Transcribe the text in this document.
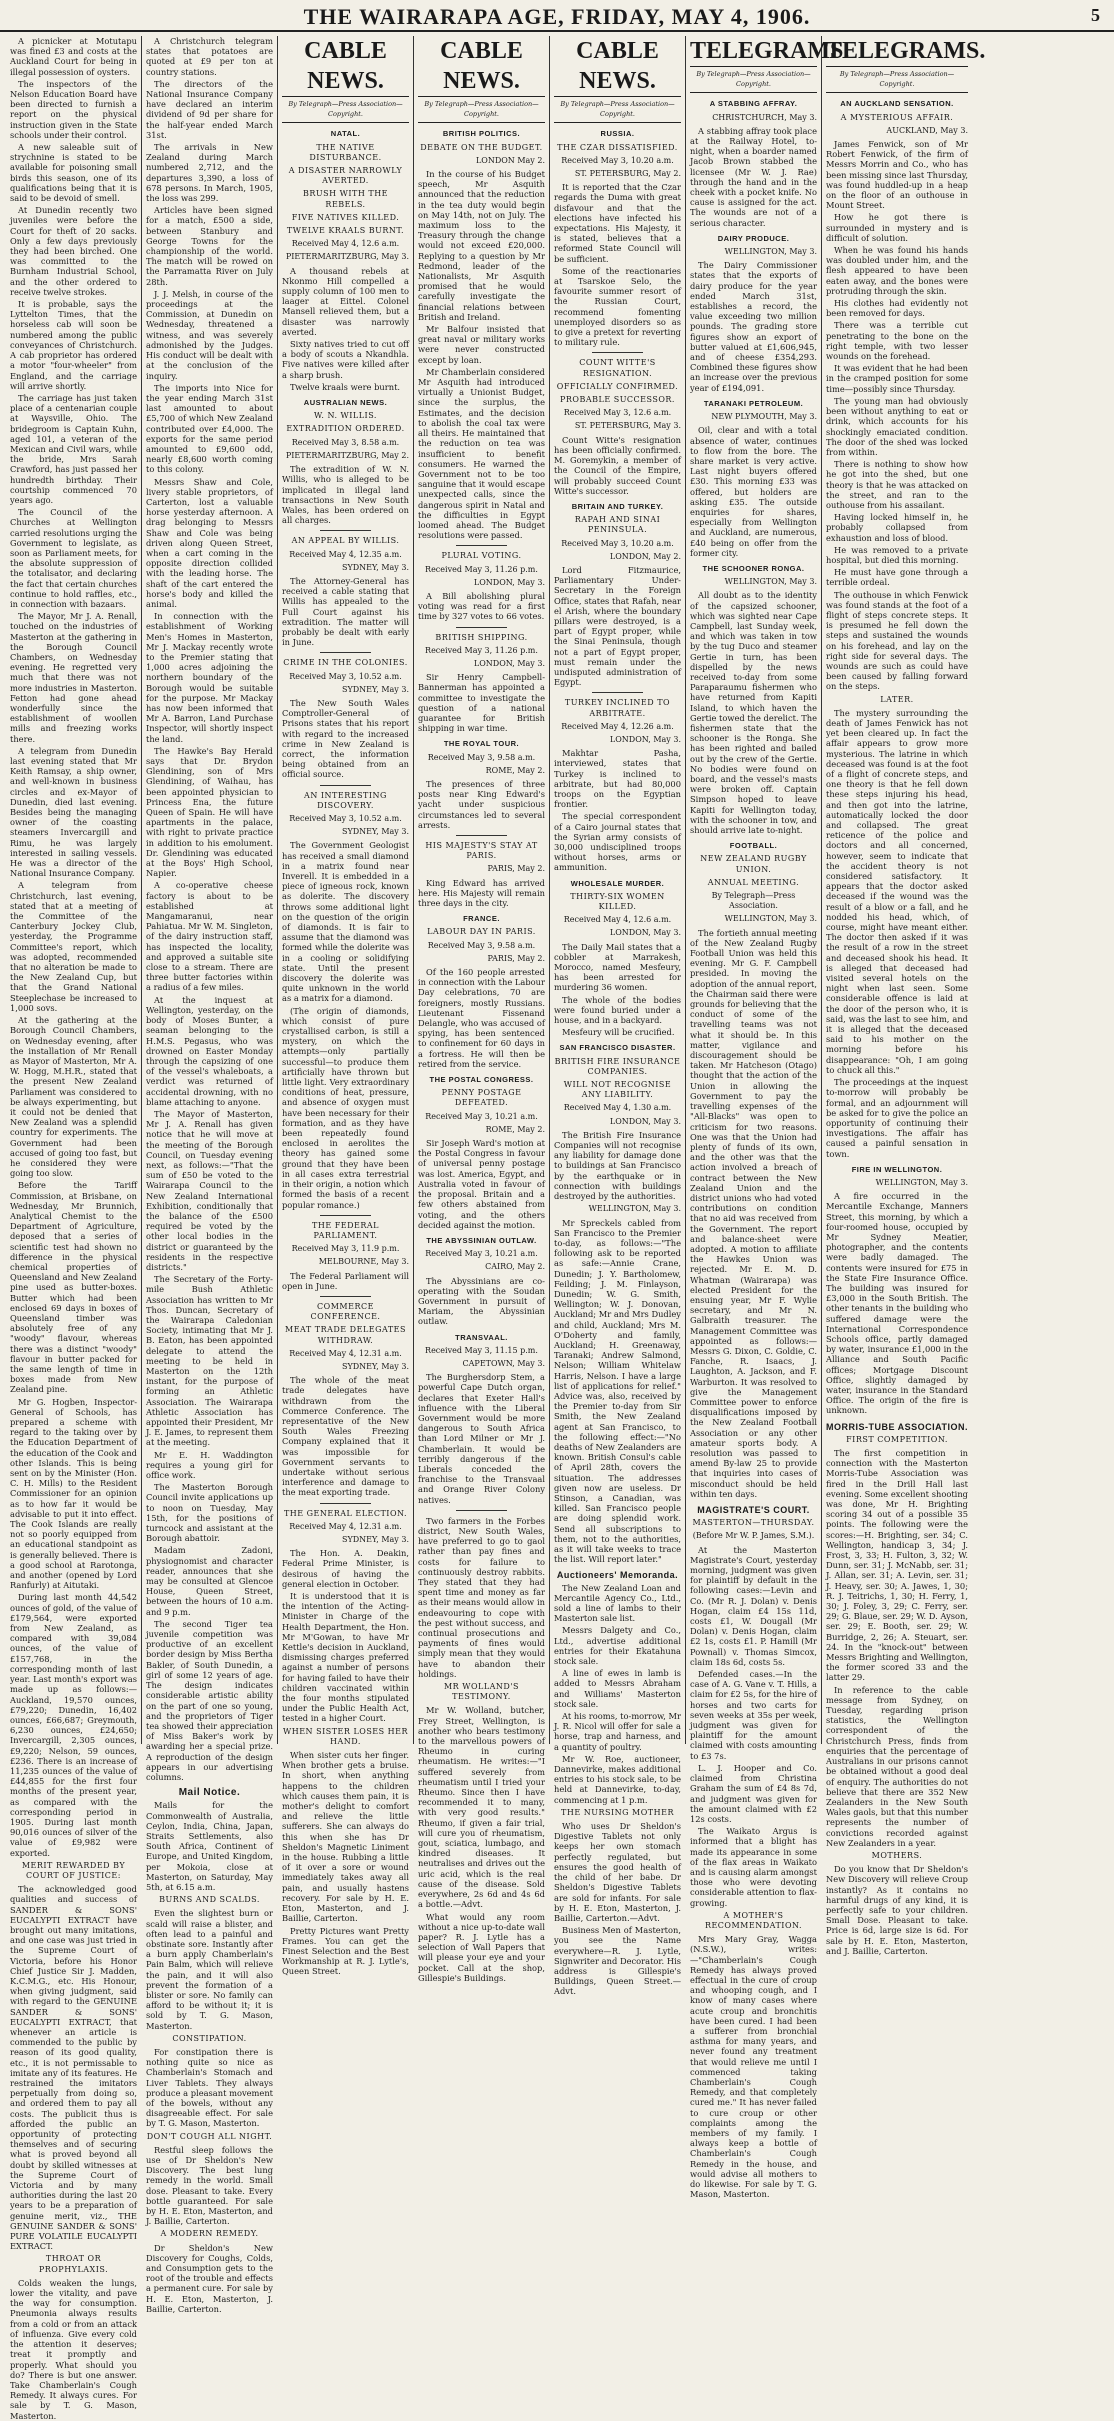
THE WAIRARAPA AGE, FRIDAY, MAY 4, 1906.	5

A picnicker at Motutapu was fined £3 and costs at the Auckland Court for being in illegal possession of oysters.

The inspectors of the Nelson Education Board have been directed to furnish a report on the physical instruction given in the State schools under their control.

A new saleable suit of strychnine is stated to be available for poisoning small birds this season, one of its qualifications being that it is said to be devoid of smell.

At Dunedin recently two juveniles were before the Court for theft of 20 sacks. Only a few days previously they had been birched. One was committed to the Burnham Industrial School, and the other ordered to receive twelve strokes.

It is probable, says the Lyttelton Times, that the horseless cab will soon be numbered among the public conveyances of Christchurch. A cab proprietor has ordered a motor "four-wheeler" from England, and the carriage will arrive shortly.

The carriage has just taken place of a centenarian couple at Waysville, Ohio. The bridegroom is Captain Kuhn, aged 101, a veteran of the Mexican and Civil wars, while the bride, Mrs Sarah Crawford, has just passed her hundredth birthday. Their courtship commenced 70 years ago.

The Council of the Churches at Wellington carried resolutions urging the Government to legislate, as soon as Parliament meets, for the absolute suppression of the totalisator, and declaring the fact that certain churches continue to hold raffles, etc., in connection with bazaars.

The Mayor, Mr J. A. Renall, touched on the industries of Masterton at the gathering in the Borough Council Chambers, on Wednesday evening. He regretted very much that there was not more industries in Masterton. Fetton had gone ahead wonderfully since the establishment of woollen mills and freezing works there.

A telegram from Dunedin last evening stated that Mr Keith Ramsay, a ship owner, and well-known in business circles and ex-Mayor of Dunedin, died last evening. Besides being the managing owner of the coasting steamers Invercargill and Rimu, he was largely interested in sailing vessels. He was a director of the National Insurance Company.

A telegram from Christchurch, last evening, stated that at a meeting of the Committee of the Canterbury Jockey Club, yesterday, the Programme Committee's report, which was adopted, recommended that no alteration be made to the New Zealand Cup, but that the Grand National Steeplechase be increased to 1,000 sovs.

At the gathering at the Borough Council Chambers, on Wednesday evening, after the installation of Mr Renall as Mayor of Masterton, Mr A. W. Hogg, M.H.R., stated that the present New Zealand Parliament was considered to be always experimenting, but it could not be denied that New Zealand was a splendid country for experiments. The Government had been accused of going too fast, but he considered they were going too slow.

Before the Tariff Commission, at Brisbane, on Wednesday, Mr Brunnich, Analytical Chemist to the Department of Agriculture, deposed that a series of scientific test had shown no difference in the physical chemical properties of Queensland and New Zealand pine used as butter-boxes. Butter which had been enclosed 69 days in boxes of Queensland timber was absolutely free of any "woody" flavour, whereas there was a distinct "woody" flavour in butter packed for the same length of time in boxes made from New Zealand pine.

Mr G. Hogben, Inspector-General of Schools, has prepared a scheme with regard to the taking over by the Education Department of the education of the Cook and other Islands. This is being sent on by the Minister (Hon. C. H. Mills) to the Resident Commissioner for an opinion as to how far it would be advisable to put it into effect. The Cook Islands are really not so poorly equipped from an educational standpoint as is generally believed. There is a good school at Rarotonga, and another (opened by Lord Ranfurly) at Aitutaki.

During last month 44,542 ounces of gold, of the value of £179,564, were exported from New Zealand, as compared with 39,084 ounces, of the value of £157,768, in the corresponding month of last year. Last month's export was made up as follows:—Auckland, 19,570 ounces, £79,220; Dunedin, 16,402 ounces, £66,687; Greymouth, 6,230 ounces, £24,650; Invercargill, 2,305 ounces, £9,220; Nelson, 59 ounces, £236. There is an increase of 11,235 ounces of the value of £44,855 for the first four months of the present year, as compared with the corresponding period in 1905. During last month 90,016 ounces of silver of the value of £9,982 were exported.

MERIT REWARDED BY COURT OF JUSTICE:

The acknowledged good qualities and success of SANDER & SONS' EUCALYPTI EXTRACT have brought out many imitations, and one case was just tried in the Supreme Court of Victoria, before his Honor Chief Justice Sir J. Madden, K.C.M.G., etc. His Honour, when giving judgment, said with regard to the GENUINE SANDER & SONS' EUCALYPTI EXTRACT, that whenever an article is commended to the public by reason of its good quality, etc., it is not permissable to imitate any of its features. He restrained the imitators perpetually from doing so, and ordered them to pay all costs. The publicit thus is afforded the public an opportunity of protecting themselves and of securing what is proved beyond all doubt by skilled witnesses at the Supreme Court of Victoria and by many authorities during the last 20 years to be a preparation of genuine merit, viz., THE GENUINE SANDER & SONS' PURE VOLATILE EUCALYPTI EXTRACT.

THROAT OR PROPHYLAXIS.

Colds weaken the lungs, lower the vitality, and pave the way for consumption. Pneumonia always results from a cold or from an attack of influenza. Give every cold the attention it deserves; treat it promptly and properly. What should you do? There is but one answer. Take Chamberlain's Cough Remedy. It always cures. For sale by T. G. Mason, Masterton.

A Christchurch telegram states that potatoes are quoted at £9 per ton at country stations.

The directors of the National Insurance Company have declared an interim dividend of 9d per share for the half-year ended March 31st.

The arrivals in New Zealand during March numbered 2,712, and the departures 3,390, a loss of 678 persons. In March, 1905, the loss was 299.

Articles have been signed for a match, £500 a side, between Stanbury and George Towns for the championship of the world. The match will be rowed on the Parramatta River on July 28th.

J. J. Melsh, in course of the proceedings at the Commission, at Dunedin on Wednesday, threatened a witness, and was severely admonished by the Judges. His conduct will be dealt with at the conclusion of the inquiry.

The imports into Nice for the year ending March 31st last amounted to about £5,700 of which New Zealand contributed over £4,000. The exports for the same period amounted to £9,600 odd, nearly £8,600 worth coming to this colony.

Messrs Shaw and Cole, livery stable proprietors, of Carterton, lost a valuable horse yesterday afternoon. A drag belonging to Messrs Shaw and Cole was being driven along Queen Street, when a cart coming in the opposite direction collided with the leading horse. The shaft of the cart entered the horse's body and killed the animal.

In connection with the establishment of Working Men's Homes in Masterton, Mr J. Mackay recently wrote to the Premier stating that 1,000 acres adjoining the northern boundary of the Borough would be suitable for the purpose. Mr Mackay has now been informed that Mr A. Barron, Land Purchase Inspector, will shortly inspect the land.

The Hawke's Bay Herald says that Dr. Brydon Glendining, son of Mrs Glendining, of Waihau, has been appointed physician to Princess Ena, the future Queen of Spain. He will have apartments in the palace, with right to private practice in addition to his emolument. Dr. Glendining was educated at the Boys' High School, Napier.

A co-operative cheese factory is about to be established at Mangamaranui, near Pahiatua. Mr W. M. Singleton, of the dairy instruction staff, has inspected the locality, and approved a suitable site close to a stream. There are three butter factories within a radius of a few miles.

At the inquest at Wellington, yesterday, on the body of Moses Bunter, a seaman belonging to the H.M.S. Pegasus, who was drowned on Easter Monday through the capsizing of one of the vessel's whaleboats, a verdict was returned of accidental drowning, with no blame attaching to anyone.

The Mayor of Masterton, Mr J. A. Renall has given notice that he will move at the meeting of the Borough Council, on Tuesday evening next, as follows:—"That the sum of £50 be voted to the Wairarapa Council to the New Zealand International Exhibition, conditionally that the balance of the £500 required be voted by the other local bodies in the district or guaranteed by the residents in the respective districts."

The Secretary of the Forty-mile Bush Athletic Association has written to Mr Thos. Duncan, Secretary of the Wairarapa Caledonian Society, intimating that Mr J. B. Eaton, has been appointed delegate to attend the meeting to be held in Masterton on the 12th instant, for the purpose of forming an Athletic Association. The Wairarapa Athletic Association has appointed their President, Mr J. E. James, to represent them at the meeting.

Mr E. H. Waddington requires a young girl for office work.

The Masterton Borough Council invite applications up to noon on Tuesday, May 15th, for the positions of turncock and assistant at the Borough abattoir.

Madam Zadoni, physiognomist and character reader, announces that she may be consulted at Glencoe House, Queen Street, between the hours of 10 a.m. and 9 p.m.

The second Tiger tea juvenile competition was productive of an excellent border design by Miss Bertha Bakler, of South Dunedin, a girl of some 12 years of age. The design indicates considerable artistic ability on the part of one so young, and the proprietors of Tiger tea showed their appreciation of Miss Baker's work by awarding her a special prize. A reproduction of the design appears in our advertising columns.

Mail Notice.

Mails for the Commonwealth of Australia, Ceylon, India, China, Japan, Straits Settlements, also South Africa, Continent of Europe, and United Kingdom, per Mokoia, close at Masterton, on Saturday, May 5th, at 6.15 a.m.

BURNS AND SCALDS.

Even the slightest burn or scald will raise a blister, and often lead to a painful and obstinate sore. Instantly after a burn apply Chamberlain's Pain Balm, which will relieve the pain, and it will also prevent the formation of a blister or sore. No family can afford to be without it; it is sold by T. G. Mason, Masterton.

CONSTIPATION.

For constipation there is nothing quite so nice as Chamberlain's Stomach and Liver Tablets. They always produce a pleasant movement of the bowels, without any disagreeable effect. For sale by T. G. Mason, Masterton.

DON'T COUGH ALL NIGHT.

Restful sleep follows the use of Dr Sheldon's New Discovery. The best lung remedy in the world. Small dose. Pleasant to take. Every bottle guaranteed. For sale by H. E. Eton, Masterton, and J. Baillie, Carterton.

A MODERN REMEDY.

Dr Sheldon's New Discovery for Coughs, Colds, and Consumption gets to the root of the trouble and effects a permanent cure. For sale by H. E. Eton, Masterton, J. Baillie, Carterton.

CABLE NEWS.
By Telegraph—Press Association—Copyright.
NATAL.
THE NATIVE DISTURBANCE.
A DISASTER NARROWLY AVERTED.
BRUSH WITH THE REBELS.
FIVE NATIVES KILLED.
TWELVE KRAALS BURNT.
Received May 4, 12.6 a.m.
PIETERMARITZBURG, May 3.

A thousand rebels at Nkonmo Hill compelled a supply column of 100 men to laager at Eittel. Colonel Mansell relieved them, but a disaster was narrowly averted.

Sixty natives tried to cut off a body of scouts a Nkandhla. Five natives were killed after a sharp brush.

Twelve kraals were burnt.

AUSTRALIAN NEWS.
W. N. WILLIS.
EXTRADITION ORDERED.
Received May 3, 8.58 a.m.
PIETERMARITZBURG, May 2.

The extradition of W. N. Willis, who is alleged to be implicated in illegal land transactions in New South Wales, has been ordered on all charges.

AN APPEAL BY WILLIS.
Received May 4, 12.35 a.m.
SYDNEY, May 3.

The Attorney-General has received a cable stating that Willis has appealed to the Full Court against his extradition. The matter will probably be dealt with early in June.

CRIME IN THE COLONIES.
Received May 3, 10.52 a.m.
SYDNEY, May 3.

The New South Wales Comptroller-General of Prisons states that his report with regard to the increased crime in New Zealand is correct, the information being obtained from an official source.

AN INTERESTING DISCOVERY.
Received May 3, 10.52 a.m.
SYDNEY, May 3.

The Government Geologist has received a small diamond in a matrix found near Inverell. It is embedded in a piece of igneous rock, known as dolerite. The discovery throws some additional light on the question of the origin of diamonds. It is fair to assume that the diamond was formed while the dolerite was in a cooling or solidifying state. Until the present discovery the dolerite was quite unknown in the world as a matrix for a diamond.

(The origin of diamonds, which consist of pure crystallised carbon, is still a mystery, on which the attempts—only partially successful—to produce them artificially have thrown but little light. Very extraordinary conditions of heat, pressure, and absence of oxygen must have been necessary for their formation, and as they have been repeatedly found enclosed in aerolites the theory has gained some ground that they have been in all cases extra terrestrial in their origin, a notion which formed the basis of a recent popular romance.)

THE FEDERAL PARLIAMENT.
Received May 3, 11.9 p.m.
MELBOURNE, May 3.

The Federal Parliament will open in June.

COMMERCE CONFERENCE.
MEAT TRADE DELEGATES WITHDRAW.
Received May 4, 12.31 a.m.
SYDNEY, May 3.

The whole of the meat trade delegates have withdrawn from the Commerce Conference. The representative of the New South Wales Freezing Company explained that it was impossible for Government servants to undertake without serious interference and damage to the meat exporting trade.

THE GENERAL ELECTION.
Received May 4, 12.31 a.m.
SYDNEY, May 3.

The Hon. A. Deakin, Federal Prime Minister, is desirous of having the general election in October.

It is understood that it is the intention of the Acting-Minister in Charge of the Health Department, the Hon. Mr M'Gowan, to have Mr Kettle's decision in Auckland, dismissing charges preferred against a number of persons for having failed to have their children vaccinated within the four months stipulated under the Public Health Act, tested in a higher Court.

WHEN SISTER LOSES HER HAND.

When sister cuts her finger. When brother gets a bruise. In short, when anything happens to the children which causes them pain, it is mother's delight to comfort and relieve the little sufferers. She can always do this when she has Dr Sheldon's Magnetic Liniment in the house. Rubbing a little of it over a sore or wound immediately takes away all pain, and usually hastens recovery. For sale by H. E. Eton, Masterton, and J. Baillie, Carterton.

Pretty Pictures want Pretty Frames. You can get the Finest Selection and the Best Workmanship at R. J. Lytle's, Queen Street.

CABLE NEWS.
By Telegraph—Press Association—Copyright.
BRITISH POLITICS.
DEBATE ON THE BUDGET.
LONDON May 2.

In the course of his Budget speech, Mr Asquith announced that the reduction in the tea duty would begin on May 14th, not on July. The maximum loss to the Treasury through the change would not exceed £20,000. Replying to a question by Mr Redmond, leader of the Nationalists, Mr Asquith promised that he would carefully investigate the financial relations between British and Ireland.

Mr Balfour insisted that great naval or military works were never constructed except by loan.

Mr Chamberlain considered Mr Asquith had introduced virtually a Unionist Budget, since the surplus, the Estimates, and the decision to abolish the coal tax were all theirs. He maintained that the reduction on tea was insufficient to benefit consumers. He warned the Government not to be too sanguine that it would escape unexpected calls, since the dangerous spirit in Natal and the difficulties in Egypt loomed ahead. The Budget resolutions were passed.

PLURAL VOTING.
Received May 3, 11.26 p.m.
LONDON, May 3.

A Bill abolishing plural voting was read for a first time by 327 votes to 66 votes.

BRITISH SHIPPING.
Received May 3, 11.26 p.m.
LONDON, May 3.

Sir Henry Campbell-Bannerman has appointed a committee to investigate the question of a national guarantee for British shipping in war time.

THE ROYAL TOUR.
Received May 3, 9.58 a.m.
ROME, May 2.

The presences of three posts near King Edward's yacht under suspicious circumstances led to several arrests.

HIS MAJESTY'S STAY AT PARIS.
PARIS, May 2.

King Edward has arrived here. His Majesty will remain three days in the city.

FRANCE.
LABOUR DAY IN PARIS.
Received May 3, 9.58 a.m.
PARIS, May 2.

Of the 160 people arrested in connection with the Labour Day celebrations, 70 are foreigners, mostly Russians. Lieutenant Fissenand Delangle, who was accused of spying, has been sentenced to confinement for 60 days in a fortress. He will then be retired from the service.

THE POSTAL CONGRESS.
PENNY POSTAGE DEFEATED.
Received May 3, 10.21 a.m.
ROME, May 2.

Sir Joseph Ward's motion at the Postal Congress in favour of universal penny postage was lost. America, Egypt, and Australia voted in favour of the proposal. Britain and a few others abstained from voting, and the others decided against the motion.

THE ABYSSINIAN OUTLAW.
Received May 3, 10.21 a.m.
CAIRO, May 2.

The Abyssinians are co-operating with the Soudan Government in pursuit of Mariam, the Abyssinian outlaw.

TRANSVAAL.
Received May 3, 11.15 p.m.
CAPETOWN, May 3.

The Burghersdorp Stem, a powerful Cape Dutch organ, declares that Exeter Hall's influence with the Liberal Government would be more dangerous to South Africa than Lord Milner or Mr J. Chamberlain. It would be terribly dangerous if the Liberals conceded the franchise to the Transvaal and Orange River Colony natives.

Two farmers in the Forbes district, New South Wales, have preferred to go to gaol rather than pay fines and costs for failure to continuously destroy rabbits. They stated that they had spent time and money as far as their means would allow in endeavouring to cope with the pest without success, and continual prosecutions and payments of fines would simply mean that they would have to abandon their holdings.

MR WOLLAND'S TESTIMONY.

Mr W. Wolland, butcher, Frey Street, Wellington, is another who bears testimony to the marvellous powers of Rheumo in curing rheumatism. He writes:—"I suffered severely from rheumatism until I tried your Rheumo. Since then I have recommended it to many, with very good results." Rheumo, if given a fair trial, will cure you of rheumatism, gout, sciatica, lumbago, and kindred diseases. It neutralises and drives out the uric acid, which is the real cause of the disease. Sold everywhere, 2s 6d and 4s 6d a bottle.—Advt.

What would any room without a nice up-to-date wall paper? R. J. Lytle has a selection of Wall Papers that will please your eye and your pocket. Call at the shop, Gillespie's Buildings.

CABLE NEWS.
By Telegraph—Press Association—Copyright.
RUSSIA.
THE CZAR DISSATISFIED.
Received May 3, 10.20 a.m.
ST. PETERSBURG, May 2.

It is reported that the Czar regards the Duma with great disfavour and that the elections have infected his expectations. His Majesty, it is stated, believes that a reformed State Council will be sufficient.

Some of the reactionaries at Tsarskoe Selo, the favourite summer resort of the Russian Court, recommend fomenting unemployed disorders so as to give a pretext for reverting to military rule.

COUNT WITTE'S RESIGNATION.
OFFICIALLY CONFIRMED.
PROBABLE SUCCESSOR.
Received May 3, 12.6 a.m.
ST. PETERSBURG, May 3.

Count Witte's resignation has been officially confirmed. M. Goremykin, a member of the Council of the Empire, will probably succeed Count Witte's successor.

BRITAIN AND TURKEY.
RAPAH AND SINAI PENINSULA.
Received May 3, 10.20 a.m.
LONDON, May 2.

Lord Fitzmaurice, Parliamentary Under-Secretary in the Foreign Office, states that Rafah, near el Arish, where the boundary pillars were destroyed, is a part of Egypt proper, while the Sinai Peninsula, though not a part of Egypt proper, must remain under the undisputed administration of Egypt.

TURKEY INCLINED TO ARBITRATE.
Received May 4, 12.26 a.m.
LONDON, May 3.

Makhtar Pasha, interviewed, states that Turkey is inclined to arbitrate, but had 80,000 troops on the Egyptian frontier.

The special correspondent of a Cairo journal states that the Syrian army consists of 30,000 undisciplined troops without horses, arms or ammunition.

WHOLESALE MURDER.
THIRTY-SIX WOMEN KILLED.
Received May 4, 12.6 a.m.
LONDON, May 3.

The Daily Mail states that a cobbler at Marrakesh, Morocco, named Mesfeury, has been arrested for murdering 36 women.

The whole of the bodies were found buried under a house, and in a backyard.

Mesfeury will be crucified.

SAN FRANCISCO DISASTER.
BRITISH FIRE INSURANCE COMPANIES.
WILL NOT RECOGNISE ANY LIABILITY.
Received May 4, 1.30 a.m.
LONDON, May 3.

The British Fire Insurance Companies will not recognise any liability for damage done to buildings at San Francisco by the earthquake or in connection with buildings destroyed by the authorities.

WELLINGTON, May 3.

Mr Spreckels cabled from San Francisco to the Premier to-day, as follows:—"The following ask to be reported as safe:—Annie Crane, Dunedin; J. Y. Bartholomew, Feilding; J. M. Finlayson, Dunedin; W. G. Smith, Wellington; W. J. Donovan, Auckland; Mr and Mrs Dudley and child, Auckland; Mrs M. O'Doherty and family, Auckland; H. Greenaway, Taranaki; Andrew Salmond, Nelson; William Whitelaw Harris, Nelson. I have a large list of applications for relief." Advice was, also, received by the Premier to-day from Sir Smith, the New Zealand agent at San Francisco, to the following effect:—"No deaths of New Zealanders are known. British Consul's cable of April 28th, covers the situation. The addresses given now are useless. Dr Stinson, a Canadian, was killed. San Francisco people are doing splendid work. Send all subscriptions to them, not to the authorities, as it will take weeks to trace the list. Will report later."

Auctioneers' Memoranda.

The New Zealand Loan and Mercantile Agency Co., Ltd., sold a line of lambs to their Masterton sale list.

Messrs Dalgety and Co., Ltd., advertise additional entries for their Ekatahuna stock sale.

A line of ewes in lamb is added to Messrs Abraham and Williams' Masterton stock sale.

At his rooms, to-morrow, Mr J. R. Nicol will offer for sale a horse, trap and harness, and a quantity of poultry.

Mr W. Roe, auctioneer, Dannevirke, makes additional entries to his stock sale, to be held at Dannevirke, to-day, commencing at 1 p.m.

THE NURSING MOTHER

Who uses Dr Sheldon's Digestive Tablets not only keeps her own stomach perfectly regulated, but ensures the good health of the child of her babe. Dr Sheldon's Digestive Tablets are sold for infants. For sale by H. E. Eton, Masterton, J. Baillie, Carterton.—Advt.

Business Men of Masterton, you see the Name everywhere—R. J. Lytle, Signwriter and Decorator. His address is Gillespie's Buildings, Queen Street.—Advt.

TELEGRAMS.
By Telegraph—Press Association—Copyright.
A STABBING AFFRAY.
CHRISTCHURCH, May 3.

A stabbing affray took place at the Railway Hotel, to-night, when a boarder named Jacob Brown stabbed the licensee (Mr W. J. Rae) through the hand and in the cheek with a pocket knife. No cause is assigned for the act. The wounds are not of a serious character.

DAIRY PRODUCE.
WELLINGTON, May 3.

The Dairy Commissioner states that the exports of dairy produce for the year ended March 31st, establishes a record, the value exceeding two million pounds. The grading store figures show an export of butter valued at £1,606,945, and of cheese £354,293. Combined these figures show an increase over the previous year of £194,091.

TARANAKI PETROLEUM.
NEW PLYMOUTH, May 3.

Oil, clear and with a total absence of water, continues to flow from the bore. The share market is very active. Last night buyers offered £30. This morning £33 was offered, but holders are asking £35. The outside enquiries for shares, especially from Wellington and Auckland, are numerous, £40 being on offer from the former city.

THE SCHOONER RONGA.
WELLINGTON, May 3.

All doubt as to the identity of the capsized schooner, which was sighted near Cape Campbell, last Sunday week, and which was taken in tow by the tug Duco and steamer Gertie in turn, has been dispelled by the news received to-day from some Paraparaumu fishermen who have returned from Kapiti Island, to which haven the Gertie towed the derelict. The fishermen state that the schooner is the Ronga. She has been righted and bailed out by the crew of the Gertie. No bodies were found on board, and the vessel's masts were broken off. Captain Simpson hoped to leave Kapiti for Wellington today, with the schooner in tow, and should arrive late to-night.

FOOTBALL.
NEW ZEALAND RUGBY UNION.
ANNUAL MEETING.
By Telegraph—Press Association.
WELLINGTON, May 3.

The fortieth annual meeting of the New Zealand Rugby Football Union was held this evening. Mr G. F. Campbell presided. In moving the adoption of the annual report, the Chairman said there were grounds for believing that the conduct of some of the travelling teams was not what it should be. In this matter, vigilance and discouragement should be taken. Mr Hatcheson (Otago) thought that the action of the Union in allowing the Government to pay the travelling expenses of the "All-Blacks" was open to criticism for two reasons. One was that the Union had plenty of funds of its own, and the other was that the action involved a breach of contract between the New Zealand Union and the district unions who had voted contributions on condition that no aid was received from the Government. The report and balance-sheet were adopted. A motion to affiliate the Hawkes Union was rejected. Mr E. M. D. Whatman (Wairarapa) was elected President for the ensuing year, Mr F. Wylie secretary, and Mr N. Galbraith treasurer. The Management Committee was appointed as follows:—Messrs G. Dixon, C. Goldie, C. Fanche, R. Isaacs, J. Laughton, A. Jackson, and F. Warburton. It was resolved to give the Management Committee power to enforce disqualifications imposed by the New Zealand Football Association or any other amateur sports body. A resolution was passed to amend By-law 25 to provide that inquiries into cases of misconduct should be held within ten days.

MAGISTRATE'S COURT.
MASTERTON—THURSDAY.
(Before Mr W. P. James, S.M.).

At the Masterton Magistrate's Court, yesterday morning, judgment was given for plaintiff by default in the following cases:—Levin and Co. (Mr R. J. Dolan) v. Denis Hogan, claim £4 15s 11d, costs £1, W. Dougall (Mr Dolan) v. Denis Hogan, claim £2 1s, costs £1. P. Hamill (Mr Pownall) v. Thomas Simcox, claim 18s 6d, costs 5s.

Defended cases.—In the case of A. G. Vane v. T. Hills, a claim for £2 5s, for the hire of horses and two carts for seven weeks at 35s per week, judgment was given for plaintiff for the amount claimed with costs amounting to £3 7s.

L. J. Hooper and Co. claimed from Christina Graham the sum of £4 8s 7d, and judgment was given for the amount claimed with £2 12s costs.

The Waikato Argus is informed that a blight has made its appearance in some of the flax areas in Waikato and is causing alarm amongst those who were devoting considerable attention to flax-growing.

A MOTHER'S RECOMMENDATION.

Mrs Mary Gray, Wagga (N.S.W.), writes:—"Chamberlain's Cough Remedy has always proved effectual in the cure of croup and whooping cough, and I know of many cases where acute croup and bronchitis have been cured. I had been a sufferer from bronchial asthma for many years, and never found any treatment that would relieve me until I commenced taking Chamberlain's Cough Remedy, and that completely cured me." It has never failed to cure croup or other complaints among the members of my family. I always keep a bottle of Chamberlain's Cough Remedy in the house, and would advise all mothers to do likewise. For sale by T. G. Mason, Masterton.

TELEGRAMS.
By Telegraph—Press Association—Copyright.
AN AUCKLAND SENSATION.
A MYSTERIOUS AFFAIR.
AUCKLAND, May 3.

James Fenwick, son of Mr Robert Fenwick, of the firm of Messrs Morrin and Co., who has been missing since last Thursday, was found huddled-up in a heap on the floor of an outhouse in Mount Street.

How he got there is surrounded in mystery and is difficult of solution.

When he was found his hands was doubled under him, and the flesh appeared to have been eaten away, and the bones were protruding through the skin.

His clothes had evidently not been removed for days.

There was a terrible cut penetrating to the bone on the right temple, with two lesser wounds on the forehead.

It was evident that he had been in the cramped position for some time—possibly since Thursday.

The young man had obviously been without anything to eat or drink, which accounts for his shockingly emaciated condition. The door of the shed was locked from within.

There is nothing to show how he got into the shed, but one theory is that he was attacked on the street, and ran to the outhouse from his assailant.

Having locked himself in, he probably collapsed from exhaustion and loss of blood.

He was removed to a private hospital, but died this morning.

He must have gone through a terrible ordeal.

The outhouse in which Fenwick was found stands at the foot of a flight of steps concrete steps. It is presumed he fell down the steps and sustained the wounds on his forehead, and lay on the right side for several days. The wounds are such as could have been caused by falling forward on the steps.

LATER.

The mystery surrounding the death of James Fenwick has not yet been cleared up. In fact the affair appears to grow more mysterious. The latrine in which deceased was found is at the foot of a flight of concrete steps, and one theory is that he fell down these steps injuring his head, and then got into the latrine, automatically locked the door and collapsed. The great reticence of the police and doctors and all concerned, however, seem to indicate that the accident theory is not considered satisfactory. It appears that the doctor asked deceased if the wound was the result of a blow or a fall, and he nodded his head, which, of course, might have meant either. The doctor then asked if it was the result of a row in the street and deceased shook his head. It is alleged that deceased had visited several hotels on the night when last seen. Some considerable offence is laid at the door of the person who, it is said, was the last to see him, and it is alleged that the deceased said to his mother on the morning before his disappearance: "Oh, I am going to chuck all this."

The proceedings at the inquest to-morrow will probably be formal, and an adjournment will be asked for to give the police an opportunity of continuing their investigations. The affair has caused a painful sensation in town.

FIRE IN WELLINGTON.
WELLINGTON, May 3.

A fire occurred in the Mercantile Exchange, Manners Street, this morning, by which a four-roomed house, occupied by Mr Sydney Meatier, photographer, and the contents were badly damaged. The contents were insured for £75 in the State Fire Insurance Office. The building was insured for £3,000 in the South British. The other tenants in the building who suffered damage were the International Correspondence Schools office, partly damaged by water, insurance £1,000 in the Alliance and South Pacific offices; Mortgage Discount Office, slightly damaged by water, insurance in the Standard Office. The origin of the fire is unknown.

MORRIS-TUBE ASSOCIATION.
FIRST COMPETITION.

The first competition in connection with the Masterton Morris-Tube Association was fired in the Drill Hall last evening. Some excellent shooting was done, Mr H. Brighting scoring 34 out of a possible 35 points. The following were the scores:—H. Brighting, ser. 34; C. Wellington, handicap 3, 34; J. Frost, 3, 33; H. Fulton, 3, 32; W. Dunn, ser. 31; J. McNabb, ser. 31; J. Allan, ser. 31; A. Levin, ser. 31; J. Heavy, ser. 30; A. Jawes, 1, 30; R. J. Teitrichs, 1, 30; H. Ferry, 1, 30; J. Foley, 3, 29; C. Ferry, ser. 29; G. Blaue, ser. 29; W. D. Ayson, ser. 29; E. Booth, ser. 29; W. Burridge, 2, 26; A. Steuart, ser. 24. In the "knock-out" between Messrs Brighting and Wellington, the former scored 33 and the latter 29.

In reference to the cable message from Sydney, on Tuesday, regarding prison statistics, the Wellington correspondent of the Christchurch Press, finds from enquiries that the percentage of Australians in our prisons cannot be obtained without a good deal of enquiry. The authorities do not believe that there are 352 New Zealanders in the New South Wales gaols, but that this number represents the number of convictions recorded against New Zealanders in a year.

MOTHERS.

Do you know that Dr Sheldon's New Discovery will relieve Croup instantly? As it contains no harmful drugs of any kind, it is perfectly safe to your children. Small Dose. Pleasant to take. Price is 6d, large size is 6d. For sale by H. E. Eton, Masterton, and J. Baillie, Carterton.
